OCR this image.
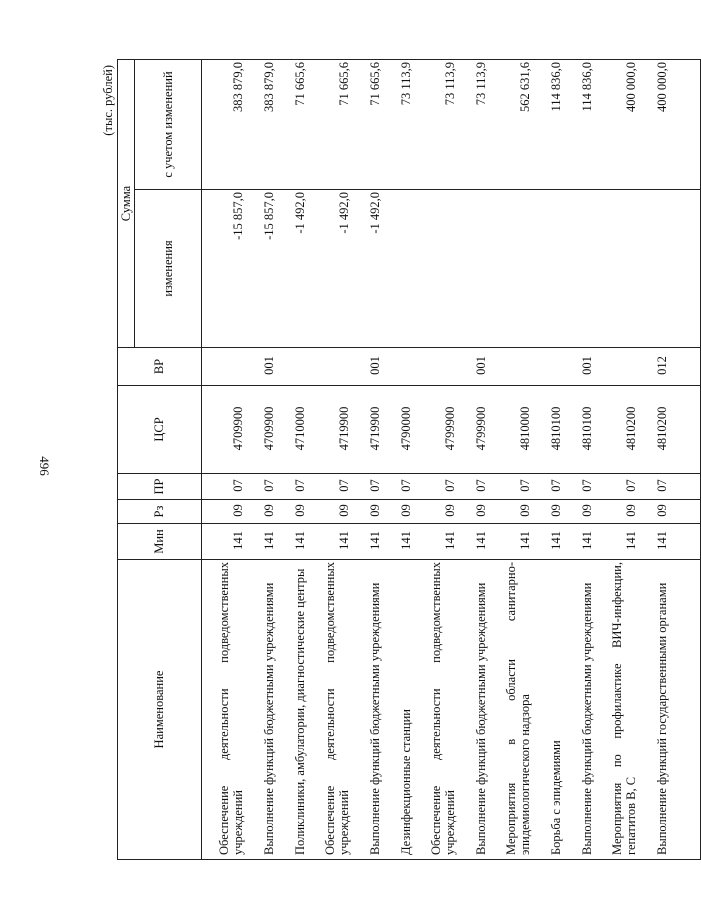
496
(тыс. рублей)
Наименование	Мин	Рз	ПР	ЦСР	ВР	Сумма	
						изменения	с учетом изменений
Обеспечение деятельности подведомственных учреждений	141	09	07	4709900		-15 857,0	383 879,0
Выполнение функций бюджетными учреждениями	141	09	07	4709900	001	-15 857,0	383 879,0
Поликлиники, амбулатории, диагностические центры	141	09	07	4710000		-1 492,0	71 665,6
Обеспечение деятельности подведомственных учреждений	141	09	07	4719900		-1 492,0	71 665,6
Выполнение функций бюджетными учреждениями	141	09	07	4719900	001	-1 492,0	71 665,6
Дезинфекционные станции	141	09	07	4790000			73 113,9
Обеспечение деятельности подведомственных учреждений	141	09	07	4799900			73 113,9
Выполнение функций бюджетными учреждениями	141	09	07	4799900	001		73 113,9
Мероприятия в области санитарно-эпидемиологического надзора	141	09	07	4810000			562 631,6
Борьба с эпидемиями	141	09	07	4810100			114 836,0
Выполнение функций бюджетными учреждениями	141	09	07	4810100	001		114 836,0
Мероприятия по профилактике ВИЧ-инфекции, гепатитов В, С	141	09	07	4810200			400 000,0
Выполнение функций государственными органами	141	09	07	4810200	012		400 000,0
